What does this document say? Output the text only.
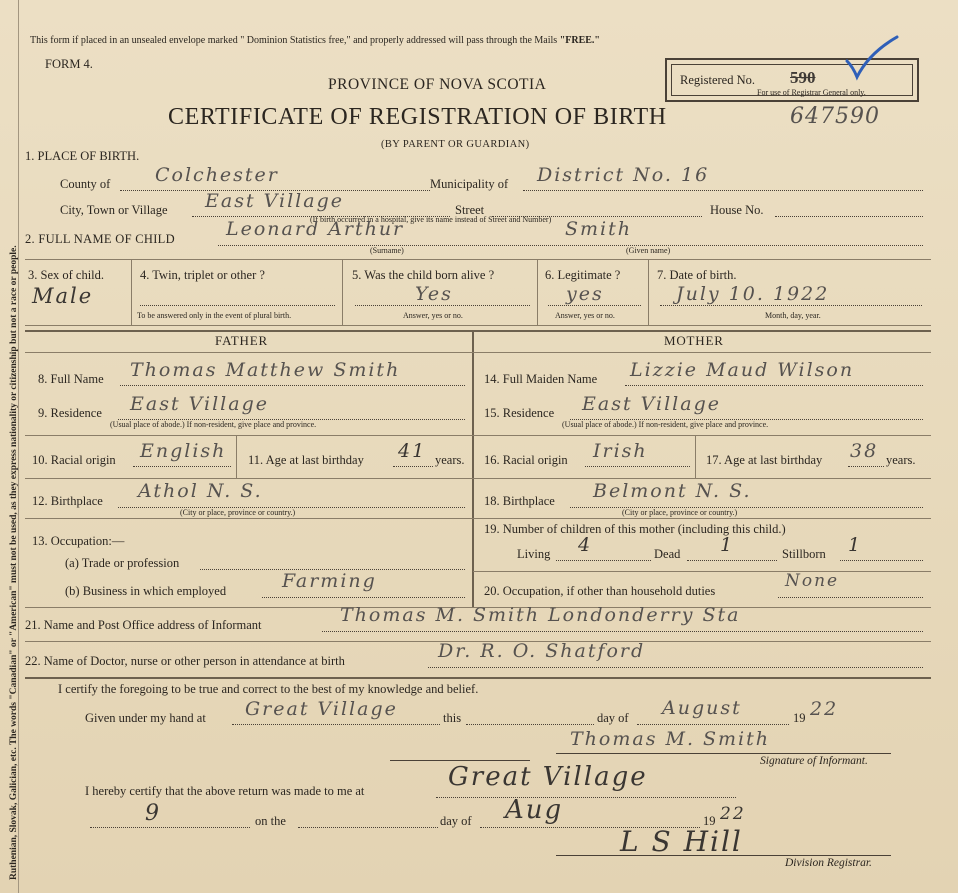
Ruthenian, Slovak, Galician, etc. The words "Canadian" or "American" must not be used, as they express nationality or citizenship but not a race or people.
This form if placed in an unsealed envelope marked " Dominion Statistics free," and properly addressed will pass through the Mails "FREE."
FORM 4.
PROVINCE OF NOVA SCOTIA
CERTIFICATE OF REGISTRATION OF BIRTH
(BY PARENT OR GUARDIAN)
Registered No. 590
For use of Registrar General only.
647590
1. PLACE OF BIRTH.
County of Colchester	Municipality of District No. 16
City, Town or Village East Village	Street	House No.
(If birth occurred in a hospital, give its name instead of Street and Number)
2. FULL NAME OF CHILD	Leonard Arthur	Smith
(Surname)	(Given name)
3. Sex of child.
Male
4. Twin, triplet or other ?
To be answered only in the event of plural birth.
5. Was the child born alive ?
Yes
Answer, yes or no.
6. Legitimate ?
yes
Answer, yes or no.
7. Date of birth.
July 10. 1922
Month, day, year.
FATHER	MOTHER
8. Full Name Thomas Matthew Smith	14. Full Maiden Name Lizzie Maud Wilson
9. Residence East Village
(Usual place of abode.) If non-resident, give place and province.
15. Residence East Village
(Usual place of abode.) If non-resident, give place and province.
10. Racial origin English 11. Age at last birthday 41 years. 16. Racial origin Irish	17. Age at last birthday 38 years.
12. Birthplace Athol N. S.
(City or place, province or country.)
18. Birthplace Belmont N. S.
(City or place, province or country.)
13. Occupation:—
(a) Trade or profession
19. Number of children of this mother (including this child.)
Living 4	Dead 1	Stillborn 1
(b) Business in which employed	Farming	20. Occupation, if other than household duties	None
21. Name and Post Office address of Informant	Thomas M. Smith Londonderry Sta
22. Name of Doctor, nurse or other person in attendance at birth	Dr. R. O. Shatford
I certify the foregoing to be true and correct to the best of my knowledge and belief.
Given under my hand at Great Village	this	day of August	19 22
Thomas M. Smith
Signature of Informant.
I hereby certify that the above return was made to me at	Great Village
9	on the	day of Aug	19 22
L S Hill
Division Registrar.
